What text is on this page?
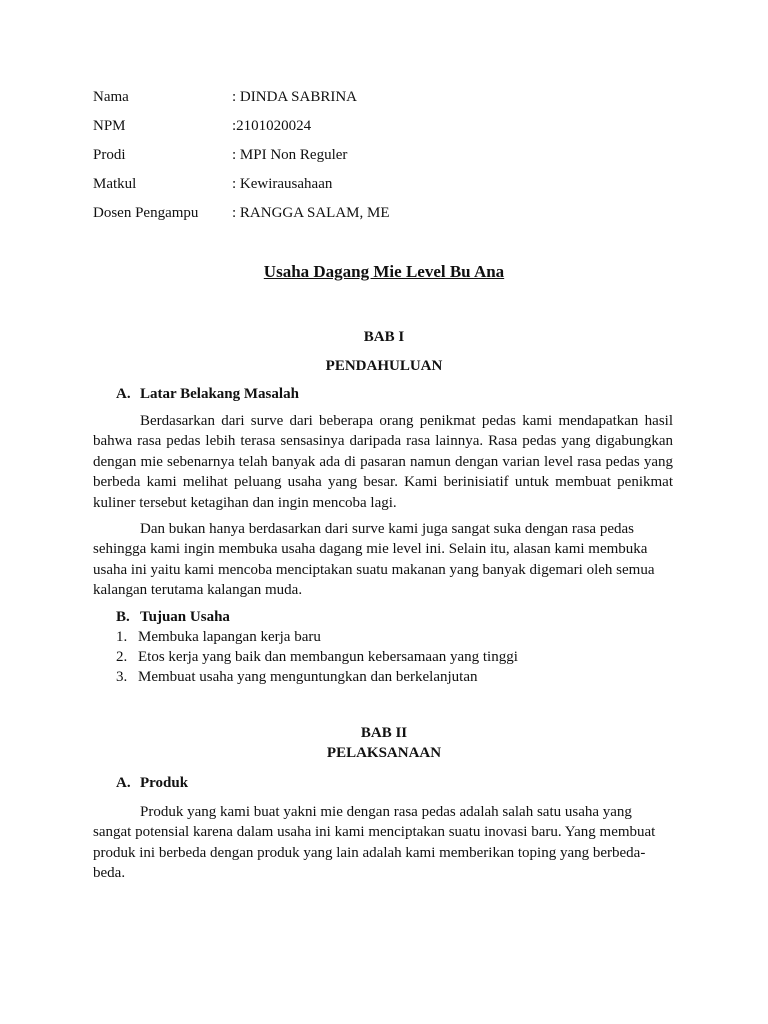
Nama	: DINDA SABRINA
NPM	:2101020024
Prodi	: MPI Non Reguler
Matkul	: Kewirausahaan
Dosen Pengampu : RANGGA SALAM, ME
Usaha Dagang Mie Level Bu Ana
BAB I
PENDAHULUAN
A. Latar Belakang Masalah

Berdasarkan dari surve dari beberapa orang penikmat pedas kami mendapatkan hasil bahwa rasa pedas lebih terasa sensasinya daripada rasa lainnya. Rasa pedas yang digabungkan dengan mie sebenarnya telah banyak ada di pasaran namun dengan varian level rasa pedas yang berbeda kami melihat peluang usaha yang besar. Kami berinisiatif untuk membuat penikmat kuliner tersebut ketagihan dan ingin mencoba lagi.

Dan bukan hanya berdasarkan dari surve kami juga sangat suka dengan rasa pedas sehingga kami ingin membuka usaha dagang mie level ini. Selain itu, alasan kami membuka usaha ini yaitu kami mencoba menciptakan suatu makanan yang banyak digemari oleh semua kalangan terutama kalangan muda.

B. Tujuan Usaha
1. Membuka lapangan kerja baru
2. Etos kerja yang baik dan membangun kebersamaan yang tinggi
3. Membuat usaha yang menguntungkan dan berkelanjutan
BAB II
PELAKSANAAN
A. Produk

Produk yang kami buat yakni mie dengan rasa pedas adalah salah satu usaha yang sangat potensial karena dalam usaha ini kami menciptakan suatu inovasi baru. Yang membuat produk ini berbeda dengan produk yang lain adalah kami memberikan toping yang berbeda-beda.
